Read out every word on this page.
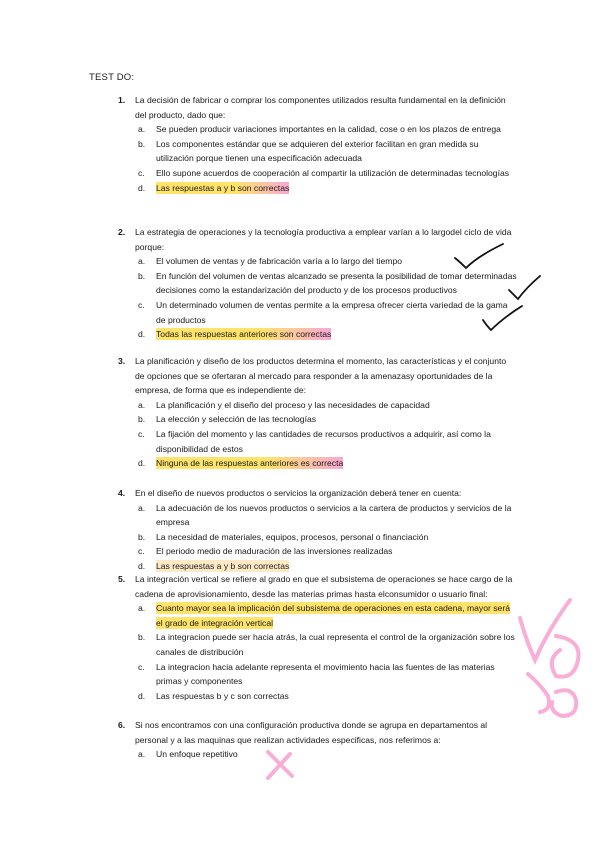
TEST DO:
1.	La decisión de fabricar o comprar los componentes utilizados resulta fundamental en la definición del producto, dado que:
a. Se pueden producir variaciones importantes en la calidad, cose o en los plazos de entrega
b. Los componentes estándar que se adquieren del exterior facilitan en gran medida su utilización porque tienen una especificación adecuada
c. Ello supone acuerdos de cooperación al compartir la utilización de determinadas tecnologías
d. Las respuestas a y b son correctas
2.	La estrategia de operaciones y la tecnología productiva a emplear varían a lo largodel ciclo de vida porque:
a. El volumen de ventas y de fabricación varía a lo largo del tiempo
b. En función del volumen de ventas alcanzado se presenta la posibilidad de tomar determinadas decisiones como la estandarización del producto y de los procesos productivos
c. Un determinado volumen de ventas permite a la empresa ofrecer cierta variedad de la gama de productos
d. Todas las respuestas anteriores son correctas
3.	La planificación y diseño de los productos determina el momento, las características y el conjunto de opciones que se ofertaran al mercado para responder a la amenazasy oportunidades de la empresa, de forma que es independiente de:
a. La planificación y el diseño del proceso y las necesidades de capacidad
b. La elección y selección de las tecnologías
c. La fijación del momento y las cantidades de recursos productivos a adquirir, así como la disponibilidad de estos
d. Ninguna de las respuestas anteriores es correcta
4.	En el diseño de nuevos productos o servicios la organización deberá tener en cuenta:
a. La adecuación de los nuevos productos o servicios a la cartera de productos y servicios de la empresa
b. La necesidad de materiales, equipos, procesos, personal o financiación
c. El periodo medio de maduración de las inversiones realizadas
d. Las respuestas a y b son correctas
5.	La integración vertical se refiere al grado en que el subsistema de operaciones se hace cargo de la cadena de aprovisionamiento, desde las materias primas hasta elconsumidor o usuario final:
a. Cuanto mayor sea la implicación del subsistema de operaciones en esta cadena, mayor será el grado de integración vertical
b. La integracion puede ser hacia atrás, la cual representa el control de la organización sobre los canales de distribución
c. La integracion hacia adelante representa el movimiento hacia las fuentes de las materias primas y componentes
d. Las respuestas b y c son correctas
6.	Si nos encontramos con una configuración productiva donde se agrupa en departamentos al personal y a las maquinas que realizan actividades especificas, nos referimos a:
a. Un enfoque repetitivo
